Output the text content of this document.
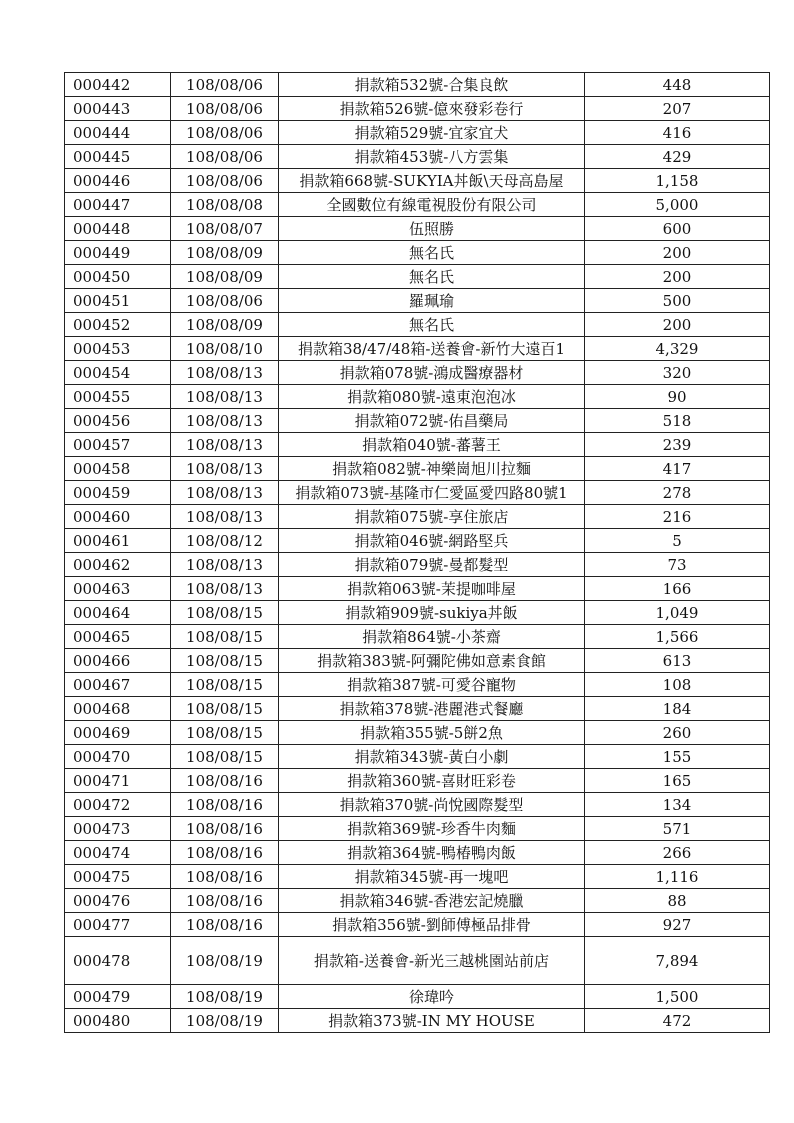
000442	108/08/06	捐款箱532號-合集良飲	448
000443	108/08/06	捐款箱526號-億來發彩卷行	207
000444	108/08/06	捐款箱529號-宜家宜犬	416
000445	108/08/06	捐款箱453號-八方雲集	429
000446	108/08/06	捐款箱668號-SUKYIA丼飯\天母高島屋	1,158
000447	108/08/08	全國數位有線電視股份有限公司	5,000
000448	108/08/07	伍照勝	600
000449	108/08/09	無名氏	200
000450	108/08/09	無名氏	200
000451	108/08/06	羅珮瑜	500
000452	108/08/09	無名氏	200
000453	108/08/10	捐款箱38/47/48箱-送養會-新竹大遠百1	4,329
000454	108/08/13	捐款箱078號-鴻成醫療器材	320
000455	108/08/13	捐款箱080號-遠東泡泡冰	90
000456	108/08/13	捐款箱072號-佑昌藥局	518
000457	108/08/13	捐款箱040號-蕃薯王	239
000458	108/08/13	捐款箱082號-神樂崗旭川拉麵	417
000459	108/08/13	捐款箱073號-基隆市仁愛區愛四路80號1	278
000460	108/08/13	捐款箱075號-享住旅店	216
000461	108/08/12	捐款箱046號-網路堅兵	5
000462	108/08/13	捐款箱079號-曼都髮型	73
000463	108/08/13	捐款箱063號-茉提咖啡屋	166
000464	108/08/15	捐款箱909號-sukiya丼飯	1,049
000465	108/08/15	捐款箱864號-小茶齋	1,566
000466	108/08/15	捐款箱383號-阿彌陀佛如意素食館	613
000467	108/08/15	捐款箱387號-可愛谷寵物	108
000468	108/08/15	捐款箱378號-港麗港式餐廳	184
000469	108/08/15	捐款箱355號-5餅2魚	260
000470	108/08/15	捐款箱343號-黃白小劇	155
000471	108/08/16	捐款箱360號-喜財旺彩卷	165
000472	108/08/16	捐款箱370號-尚悅國際髮型	134
000473	108/08/16	捐款箱369號-珍香牛肉麵	571
000474	108/08/16	捐款箱364號-鴨椿鴨肉飯	266
000475	108/08/16	捐款箱345號-再一塊吧	1,116
000476	108/08/16	捐款箱346號-香港宏記燒臘	88
000477	108/08/16	捐款箱356號-劉師傅極品排骨	927
000478	108/08/19	捐款箱-送養會-新光三越桃園站前店	7,894
000479	108/08/19	徐瑋吟	1,500
000480	108/08/19	捐款箱373號-IN MY HOUSE	472
